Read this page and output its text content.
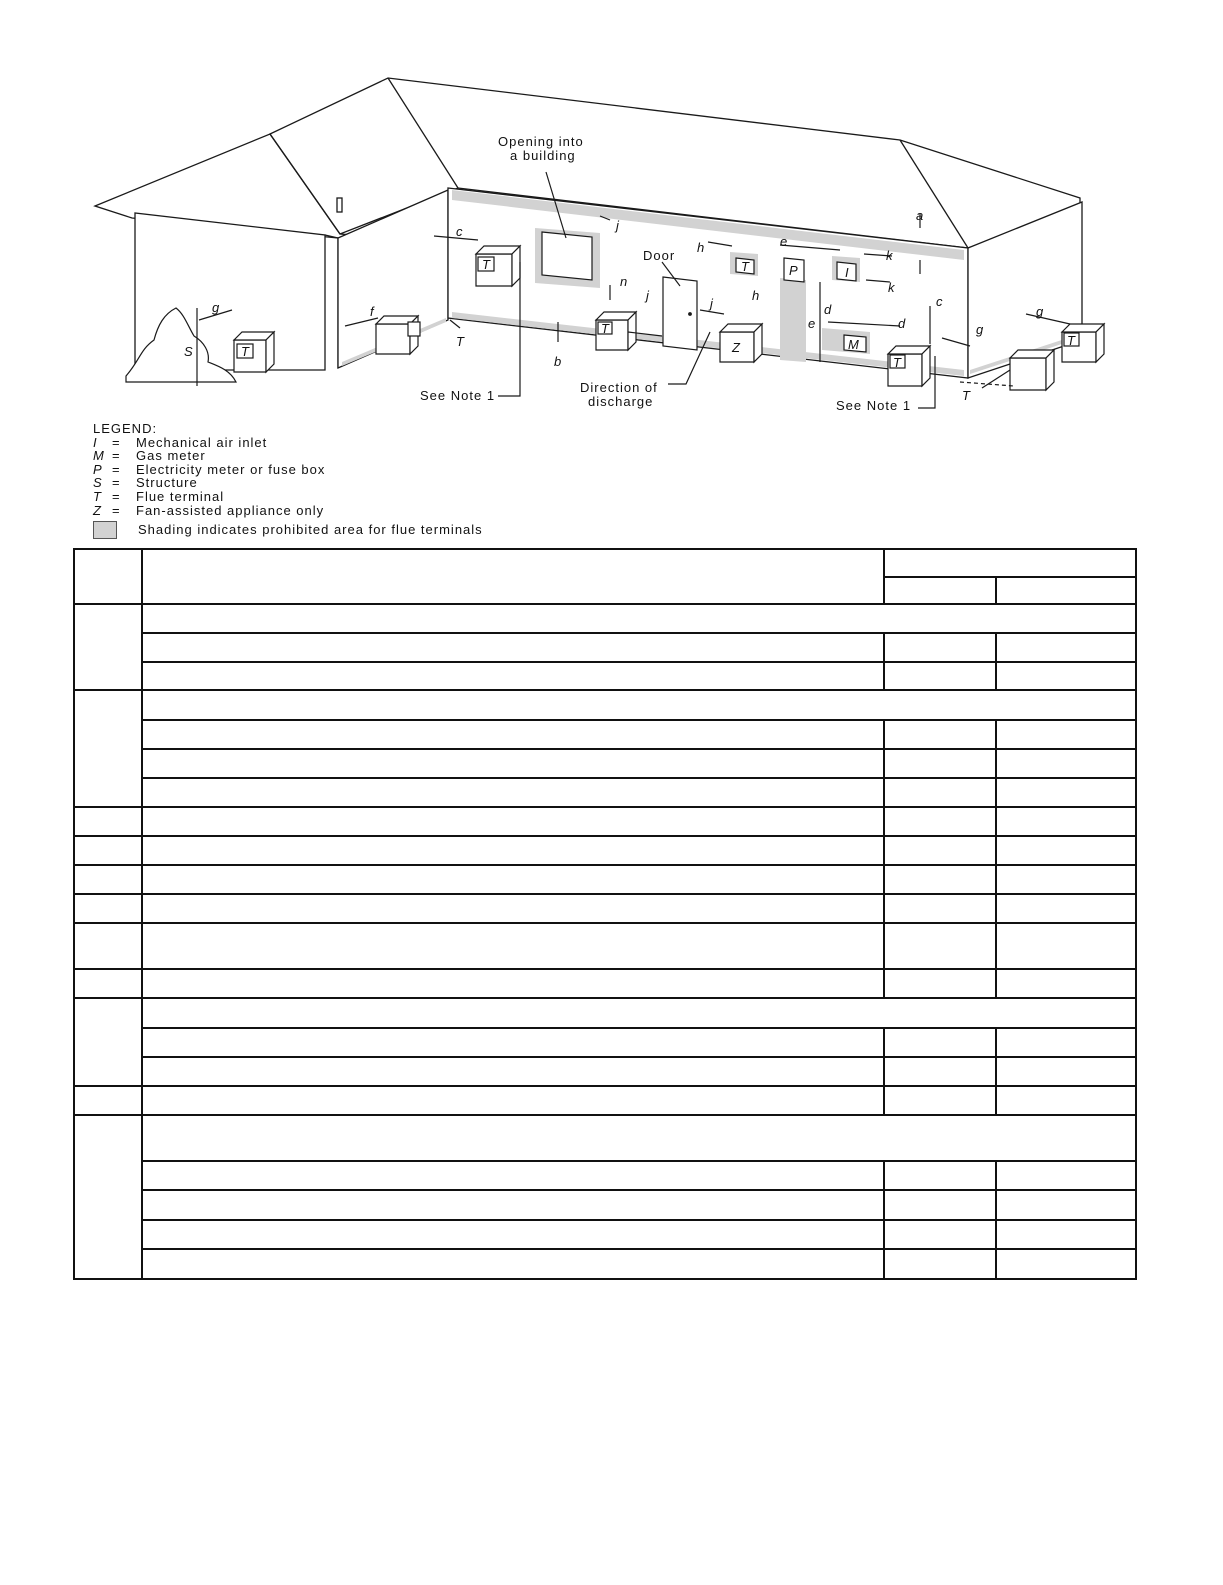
Opening into
a building
Door
Direction of
discharge
See Note 1
See Note 1
a
b
c
c
d
d
e
e
f
g
g
g
h
h
j
j
j
k
k
n
S
T
T
T
T
T
T
T
T
P	I
M
Z
LEGEND:
I	=	Mechanical air inlet
M =	Gas meter
P =	Electricity meter or fuse box
S =	Structure
T =	Flue terminal
Z =	Fan-assisted appliance only
Shading indicates prohibited area for flue terminals
